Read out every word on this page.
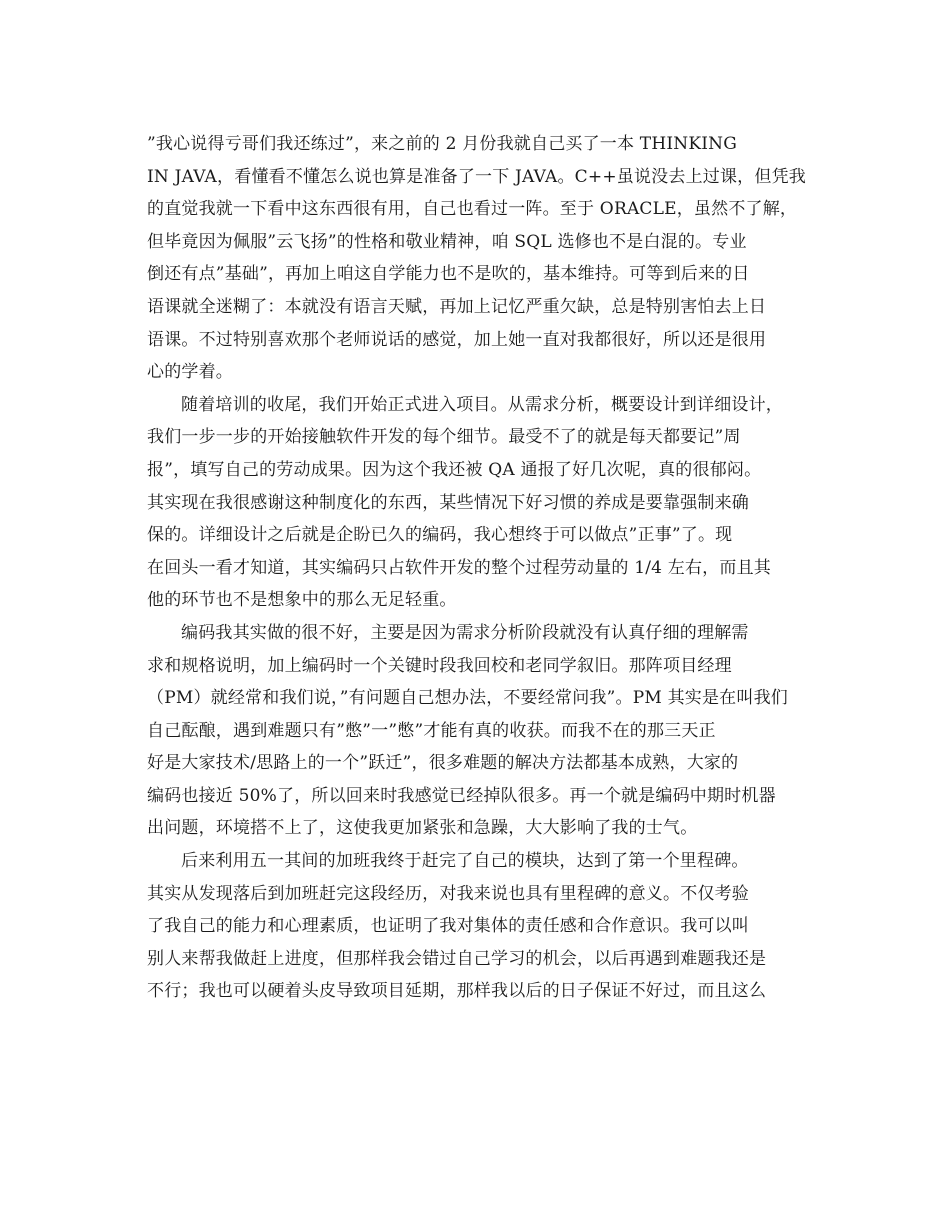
”我心说得亏哥们我还练过”，来之前的 2 月份我就自己买了一本 THINKING
IN JAVA，看懂看不懂怎么说也算是准备了一下 JAVA。C++虽说没去上过课，但凭我
的直觉我就一下看中这东西很有用，自己也看过一阵。至于 ORACLE，虽然不了解，
但毕竟因为佩服”云飞扬”的性格和敬业精神，咱 SQL 选修也不是白混的。专业
倒还有点”基础”，再加上咱这自学能力也不是吹的，基本维持。可等到后来的日
语课就全迷糊了：本就没有语言天赋，再加上记忆严重欠缺，总是特别害怕去上日
语课。不过特别喜欢那个老师说话的感觉，加上她一直对我都很好，所以还是很用
心的学着。
随着培训的收尾，我们开始正式进入项目。从需求分析，概要设计到详细设计，
我们一步一步的开始接触软件开发的每个细节。最受不了的就是每天都要记”周
报”，填写自己的劳动成果。因为这个我还被 QA 通报了好几次呢，真的很郁闷。
其实现在我很感谢这种制度化的东西，某些情况下好习惯的养成是要靠强制来确
保的。详细设计之后就是企盼已久的编码，我心想终于可以做点”正事”了。现
在回头一看才知道，其实编码只占软件开发的整个过程劳动量的 1/4 左右，而且其
他的环节也不是想象中的那么无足轻重。
编码我其实做的很不好，主要是因为需求分析阶段就没有认真仔细的理解需
求和规格说明，加上编码时一个关键时段我回校和老同学叙旧。那阵项目经理
（PM）就经常和我们说，”有问题自己想办法，不要经常问我”。PM 其实是在叫我们
自己酝酿，遇到难题只有”憋”一”憋”才能有真的收获。而我不在的那三天正
好是大家技术/思路上的一个”跃迁”，很多难题的解决方法都基本成熟，大家的
编码也接近 50%了，所以回来时我感觉已经掉队很多。再一个就是编码中期时机器
出问题，环境搭不上了，这使我更加紧张和急躁，大大影响了我的士气。
后来利用五一其间的加班我终于赶完了自己的模块，达到了第一个里程碑。
其实从发现落后到加班赶完这段经历，对我来说也具有里程碑的意义。不仅考验
了我自己的能力和心理素质，也证明了我对集体的责任感和合作意识。我可以叫
别人来帮我做赶上进度，但那样我会错过自己学习的机会，以后再遇到难题我还是
不行；我也可以硬着头皮导致项目延期，那样我以后的日子保证不好过，而且这么
